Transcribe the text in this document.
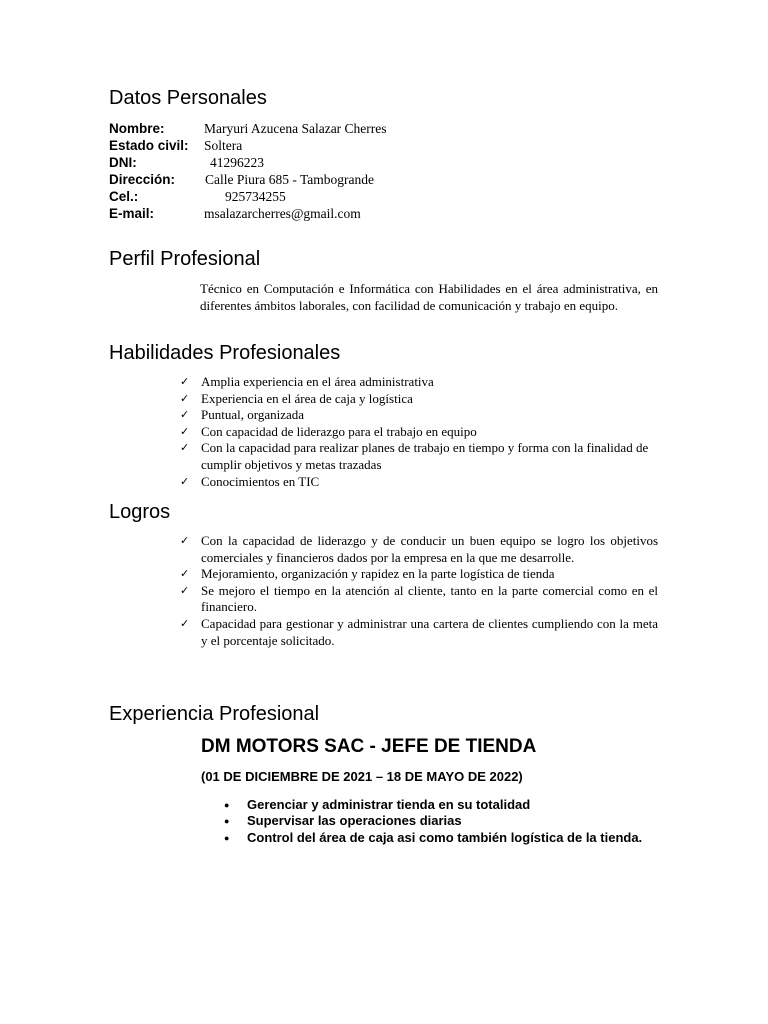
Datos Personales
Nombre:	Maryuri Azucena Salazar Cherres
Estado civil: Soltera
DNI:	41296223
Dirección: Calle Piura 685 - Tambogrande
Cel.:	925734255
E-mail:	msalazarcherres@gmail.com
Perfil Profesional

Técnico en Computación e Informática con Habilidades en el área administrativa, en diferentes ámbitos laborales, con facilidad de comunicación y trabajo en equipo.

Habilidades Profesionales
✓ Amplia experiencia en el área administrativa
✓ Experiencia en el área de caja y logística
✓ Puntual, organizada
✓ Con capacidad de liderazgo para el trabajo en equipo
✓ Con la capacidad para realizar planes de trabajo en tiempo y forma con la finalidad de cumplir objetivos y metas trazadas
✓ Conocimientos en TIC
Logros
✓ Con la capacidad de liderazgo y de conducir un buen equipo se logro los objetivos comerciales y financieros dados por la empresa en la que me desarrolle.
✓ Mejoramiento, organización y rapidez en la parte logística de tienda
✓ Se mejoro el tiempo en la atención al cliente, tanto en la parte comercial como en el financiero.
✓ Capacidad para gestionar y administrar una cartera de clientes cumpliendo con la meta y el porcentaje solicitado.
Experiencia Profesional
DM MOTORS SAC - JEFE DE TIENDA
(01 DE DICIEMBRE DE 2021 – 18 DE MAYO DE 2022)
● Gerenciar y administrar tienda en su totalidad
● Supervisar las operaciones diarias
● Control del área de caja asi como también logística de la tienda.
